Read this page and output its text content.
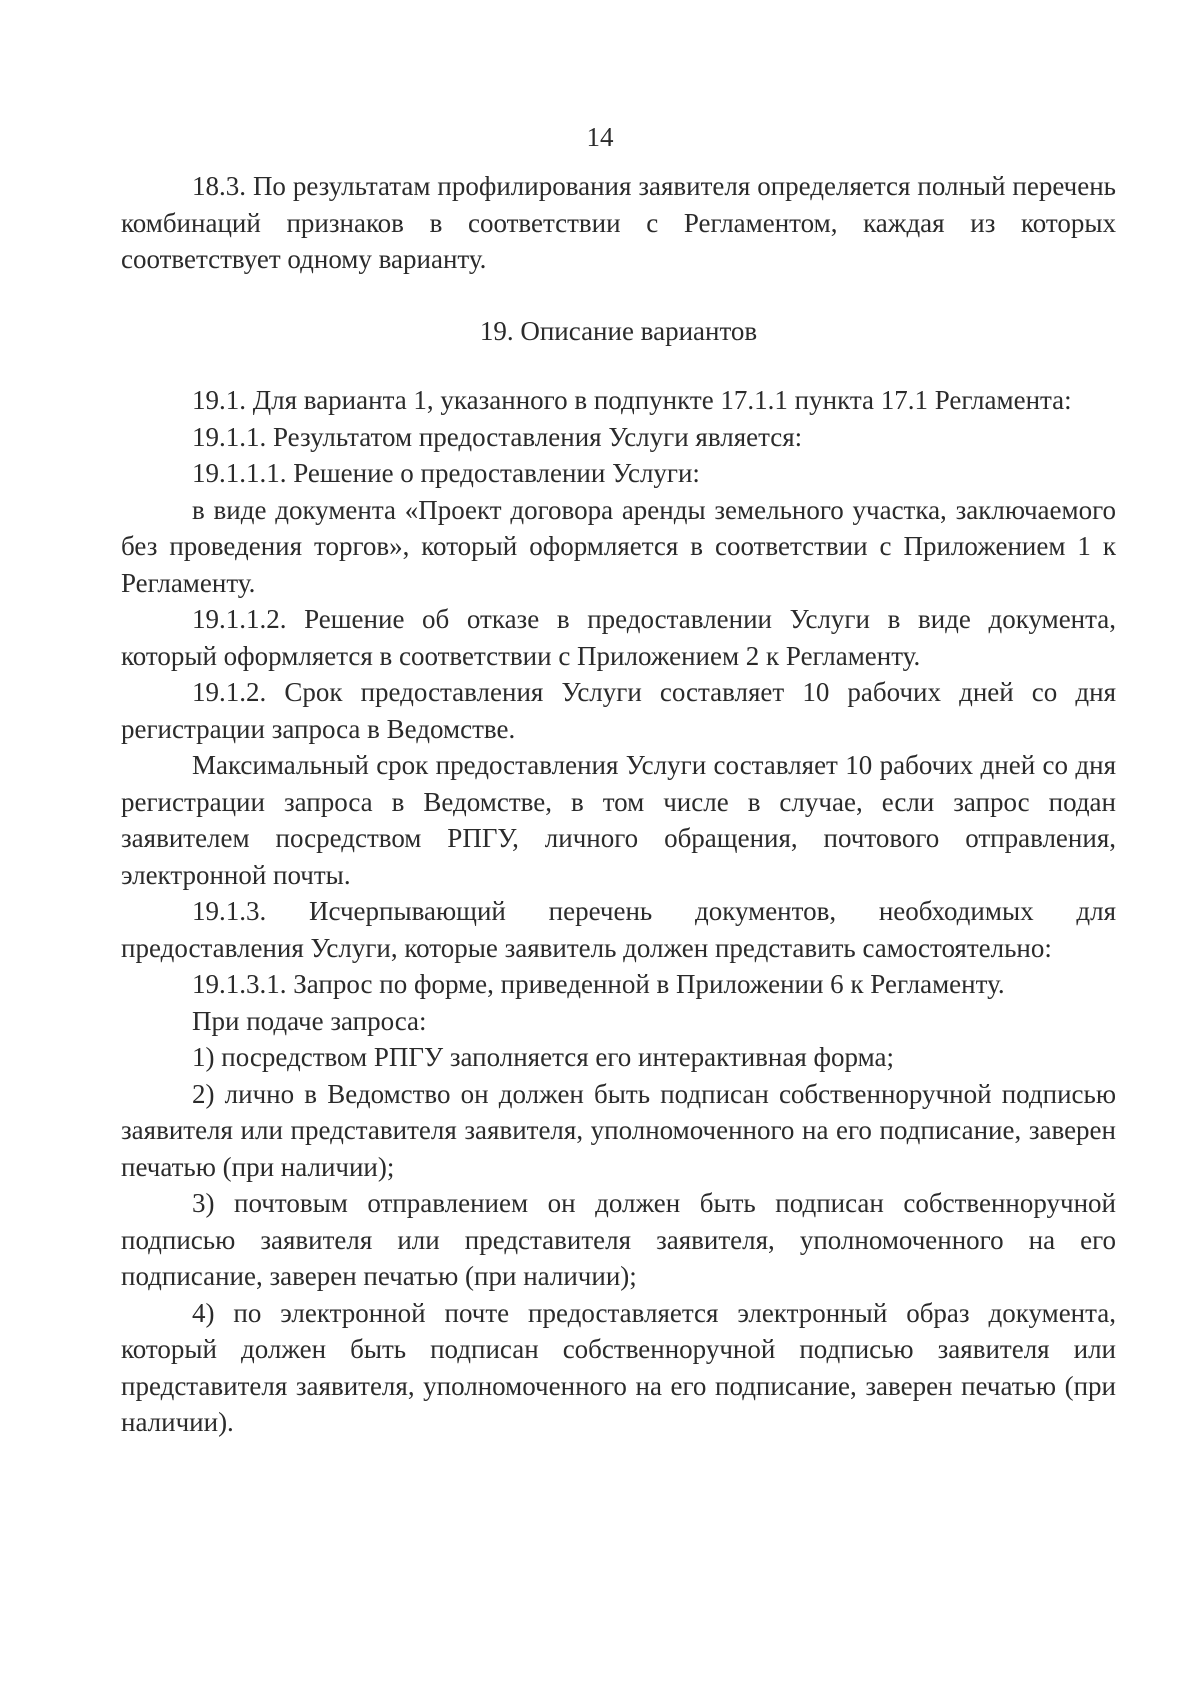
14

18.3. По результатам профилирования заявителя определяется полный перечень комбинаций признаков в соответствии с Регламентом, каждая из которых соответствует одному варианту.

19. Описание вариантов

19.1. Для варианта 1, указанного в подпункте 17.1.1 пункта 17.1 Регламента:

19.1.1. Результатом предоставления Услуги является:

19.1.1.1. Решение о предоставлении Услуги:

в виде документа «Проект договора аренды земельного участка, заключаемого без проведения торгов», который оформляется в соответствии с Приложением 1 к Регламенту.

19.1.1.2. Решение об отказе в предоставлении Услуги в виде документа, который оформляется в соответствии с Приложением 2 к Регламенту.

19.1.2. Срок предоставления Услуги составляет 10 рабочих дней со дня регистрации запроса в Ведомстве.

Максимальный срок предоставления Услуги составляет 10 рабочих дней со дня регистрации запроса в Ведомстве, в том числе в случае, если запрос подан заявителем посредством РПГУ, личного обращения, почтового отправления, электронной почты.

19.1.3. Исчерпывающий перечень документов, необходимых для предоставления Услуги, которые заявитель должен представить самостоятельно:

19.1.3.1. Запрос по форме, приведенной в Приложении 6 к Регламенту.

При подаче запроса:

1) посредством РПГУ заполняется его интерактивная форма;

2) лично в Ведомство он должен быть подписан собственноручной подписью заявителя или представителя заявителя, уполномоченного на его подписание, заверен печатью (при наличии);

3) почтовым отправлением он должен быть подписан собственноручной подписью заявителя или представителя заявителя, уполномоченного на его подписание, заверен печатью (при наличии);

4) по электронной почте предоставляется электронный образ документа, который должен быть подписан собственноручной подписью заявителя или представителя заявителя, уполномоченного на его подписание, заверен печатью (при наличии).
